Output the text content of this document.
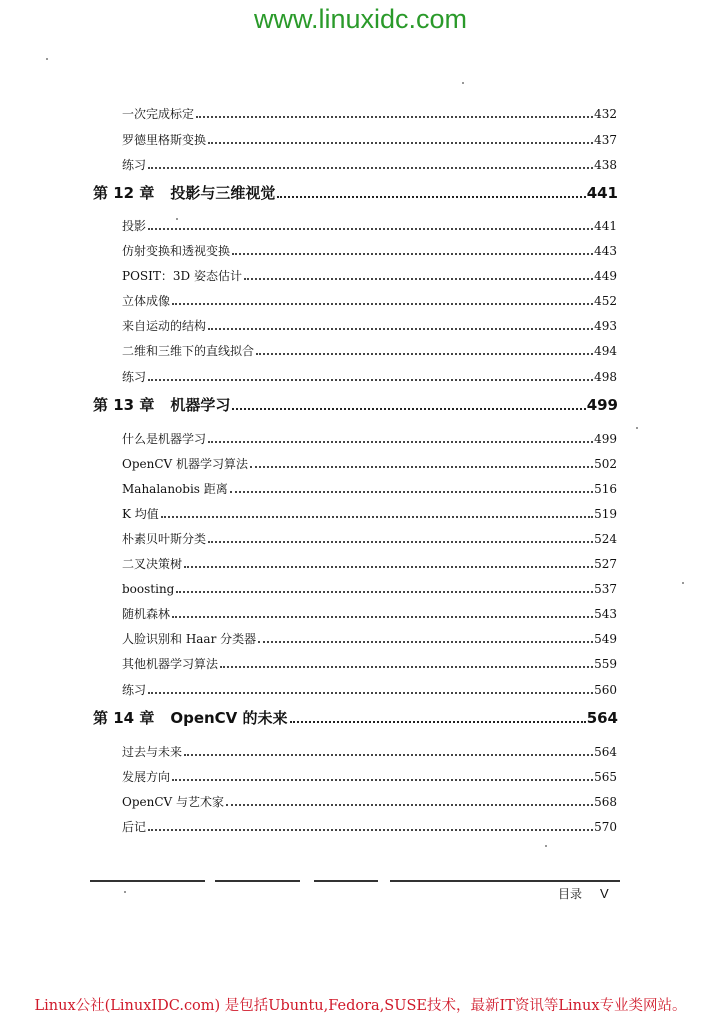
www.linuxidc.com
一次完成标定	432
罗德里格斯变换	437
练习	438
第 12 章 投影与三维视觉	441
投影	441
仿射变换和透视变换	443
POSIT：3D 姿态估计	449
立体成像	452
来自运动的结构	493
二维和三维下的直线拟合	494
练习	498
第 13 章 机器学习	499
什么是机器学习	499
OpenCV 机器学习算法	502
Mahalanobis 距离	516
K 均值	519
朴素贝叶斯分类	524
二叉决策树	527
boosting	537
随机森林	543
人脸识别和 Haar 分类器	549
其他机器学习算法	559
练习	560
第 14 章 OpenCV 的未来	564
过去与未来	564
发展方向	565
OpenCV 与艺术家	568
后记	570
目录 V
Linux公社(LinuxIDC.com) 是包括Ubuntu,Fedora,SUSE技术，最新IT资讯等Linux专业类网站。
